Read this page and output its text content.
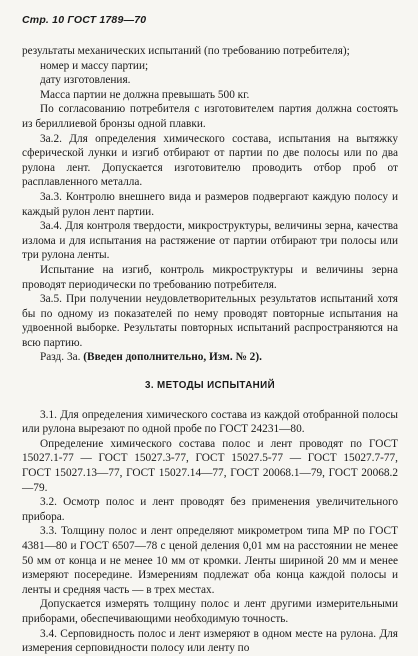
Стр. 10 ГОСТ 1789—70

результаты механических испытаний (по требованию потребителя);

номер и массу партии;

дату изготовления.

Масса партии не должна превышать 500 кг.

По согласованию потребителя с изготовителем партия должна состоять из бериллиевой бронзы одной плавки.

3а.2. Для определения химического состава, испытания на вытяжку сферической лунки и изгиб отбирают от партии по две полосы или по два рулона лент. Допускается изготовителю проводить отбор проб от расплавленного металла.

3а.3. Контролю внешнего вида и размеров подвергают каждую полосу и каждый рулон лент партии.

3а.4. Для контроля твердости, микроструктуры, величины зерна, качества излома и для испытания на растяжение от партии отбирают три полосы или три рулона ленты.

Испытание на изгиб, контроль микроструктуры и величины зерна проводят периодически по требованию потребителя.

3а.5. При получении неудовлетворительных результатов испытаний хотя бы по одному из показателей по нему проводят повторные испытания на удвоенной выборке. Результаты повторных испытаний распространяются на всю партию.

Разд. 3а. (Введен дополнительно, Изм. № 2).

3. МЕТОДЫ ИСПЫТАНИЙ

3.1. Для определения химического состава из каждой отобранной полосы или рулона вырезают по одной пробе по ГОСТ 24231—80.

Определение химического состава полос и лент проводят по ГОСТ 15027.1-77 — ГОСТ 15027.3-77, ГОСТ 15027.5-77 — ГОСТ 15027.7-77, ГОСТ 15027.13—77, ГОСТ 15027.14—77, ГОСТ 20068.1—79, ГОСТ 20068.2—79.

3.2. Осмотр полос и лент проводят без применения увеличительного прибора.

3.3. Толщину полос и лент определяют микрометром типа МР по ГОСТ 4381—80 и ГОСТ 6507—78 с ценой деления 0,01 мм на расстоянии не менее 50 мм от конца и не менее 10 мм от кромки. Ленты шириной 20 мм и менее измеряют посередине. Измерениям подлежат оба конца каждой полосы и ленты и средняя часть — в трех местах.

Допускается измерять толщину полос и лент другими измерительными приборами, обеспечивающими необходимую точность.

3.4. Серповидность полос и лент измеряют в одном месте на рулона. Для измерения серповидности полосу или ленту по
